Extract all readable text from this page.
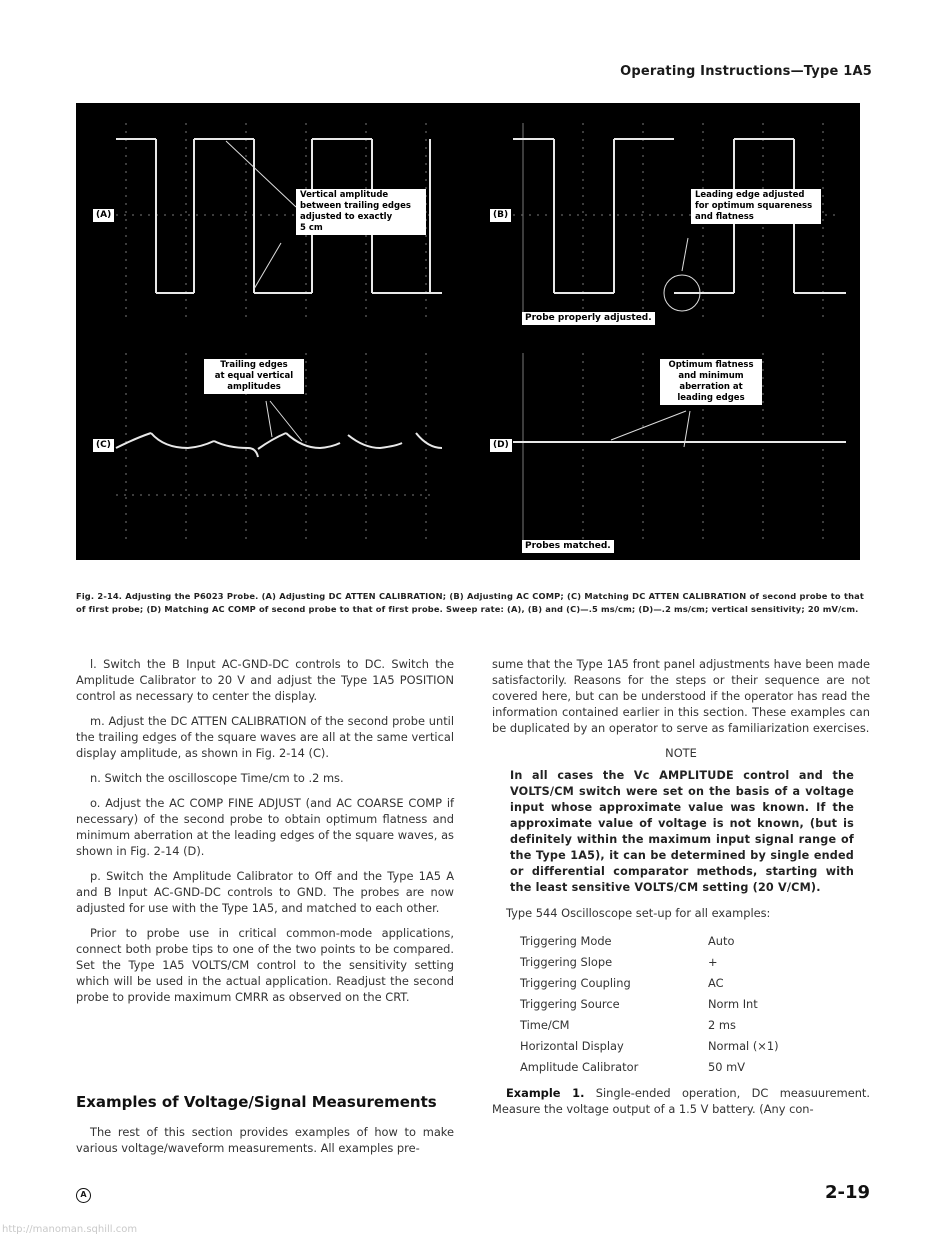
Operating Instructions—Type 1A5
(A)	(B)
(C)	(D)
Vertical amplitude
between trailing edges
adjusted to exactly
5 cm
Leading edge adjusted
for optimum squareness
and flatness
Probe properly adjusted.
Trailing edges
at equal vertical
amplitudes
Optimum flatness
and minimum
aberration at
leading edges
Probes matched.
Fig. 2-14. Adjusting the P6023 Probe. (A) Adjusting DC ATTEN CALIBRATION; (B) Adjusting AC COMP; (C) Matching DC ATTEN CALIBRATION of second probe to that of first probe; (D) Matching AC COMP of second probe to that of first probe. Sweep rate: (A), (B) and (C)—.5 ms/cm; (D)—.2 ms/cm; vertical sensitivity; 20 mV/cm.

l. Switch the B Input AC-GND-DC controls to DC. Switch the Amplitude Calibrator to 20 V and adjust the Type 1A5 POSITION control as necessary to center the display.

m. Adjust the DC ATTEN CALIBRATION of the second probe until the trailing edges of the square waves are all at the same vertical display amplitude, as shown in Fig. 2-14 (C).

n. Switch the oscilloscope Time/cm to .2 ms.

o. Adjust the AC COMP FINE ADJUST (and AC COARSE COMP if necessary) of the second probe to obtain optimum flatness and minimum aberration at the leading edges of the square waves, as shown in Fig. 2-14 (D).

p. Switch the Amplitude Calibrator to Off and the Type 1A5 A and B Input AC-GND-DC controls to GND. The probes are now adjusted for use with the Type 1A5, and matched to each other.

Prior to probe use in critical common-mode applications, connect both probe tips to one of the two points to be compared. Set the Type 1A5 VOLTS/CM control to the sensitivity setting which will be used in the actual application. Readjust the second probe to provide maximum CMRR as observed on the CRT.

Examples of Voltage/Signal Measurements

The rest of this section provides examples of how to make various voltage/waveform measurements. All examples pre-

sume that the Type 1A5 front panel adjustments have been made satisfactorily. Reasons for the steps or their sequence are not covered here, but can be understood if the operator has read the information contained earlier in this section. These examples can be duplicated by an operator to serve as familiarization exercises.

NOTE

In all cases the Vc AMPLITUDE control and the VOLTS/CM switch were set on the basis of a voltage input whose approximate value was known. If the approximate value of voltage is not known, (but is definitely within the maximum input signal range of the Type 1A5), it can be determined by single ended or differential comparator methods, starting with the least sensitive VOLTS/CM setting (20 V/CM).

Type 544 Oscilloscope set-up for all examples:

Triggering Mode	Auto
Triggering Slope	+
Triggering Coupling	AC
Triggering Source	Norm Int
Time/CM	2 ms
Horizontal Display	Normal (×1)
Amplitude Calibrator	50 mV

Example 1. Single-ended operation, DC measuurement. Measure the voltage output of a 1.5 V battery. (Any con-

A	2-19
http://manoman.sqhill.com
